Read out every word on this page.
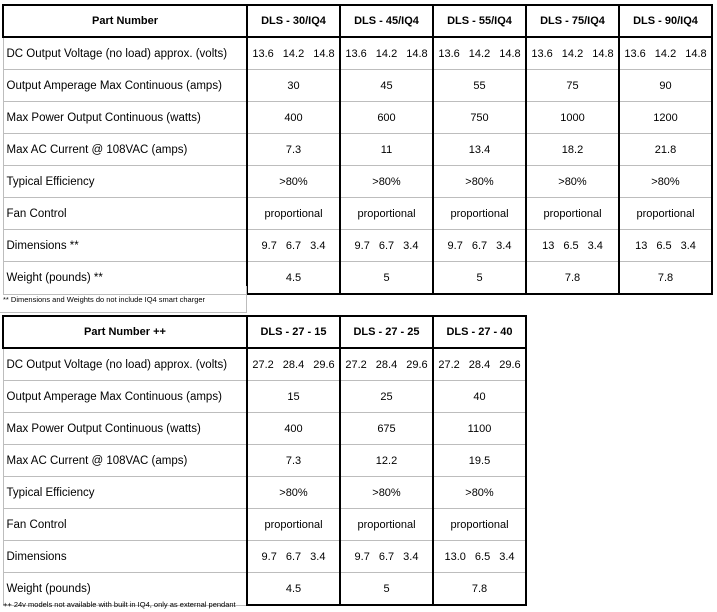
Part Number	DLS - 30/IQ4	DLS - 45/IQ4	DLS - 55/IQ4	DLS - 75/IQ4	DLS - 90/IQ4
DC Output Voltage (no load) approx. (volts)	13.6 14.2 14.8	13.6 14.2 14.8	13.6 14.2 14.8	13.6 14.2 14.8	13.6 14.2 14.8
Output Amperage Max Continuous (amps)	30	45	55	75	90
Max Power Output Continuous (watts)	400	600	750	1000	1200
Max AC Current @ 108VAC (amps)	7.3	11	13.4	18.2	21.8
Typical Efficiency	>80%	>80%	>80%	>80%	>80%
Fan Control	proportional	proportional	proportional	proportional	proportional
Dimensions **	9.7 6.7 3.4	9.7 6.7 3.4	9.7 6.7 3.4	13 6.5 3.4	13 6.5 3.4
Weight (pounds) **	4.5	5	5	7.8	7.8
** Dimensions and Weights do not include IQ4 smart charger
Part Number ++	DLS - 27 - 15	DLS - 27 - 25	DLS - 27 - 40
DC Output Voltage (no load) approx. (volts)	27.2 28.4 29.6	27.2 28.4 29.6	27.2 28.4 29.6
Output Amperage Max Continuous (amps)	15	25	40
Max Power Output Continuous (watts)	400	675	1100
Max AC Current @ 108VAC (amps)	7.3	12.2	19.5
Typical Efficiency	>80%	>80%	>80%
Fan Control	proportional	proportional	proportional
Dimensions	9.7 6.7 3.4	9.7 6.7 3.4	13.0 6.5 3.4
Weight (pounds)	4.5	5	7.8
++ 24v models not available with built in IQ4, only as external pendant
